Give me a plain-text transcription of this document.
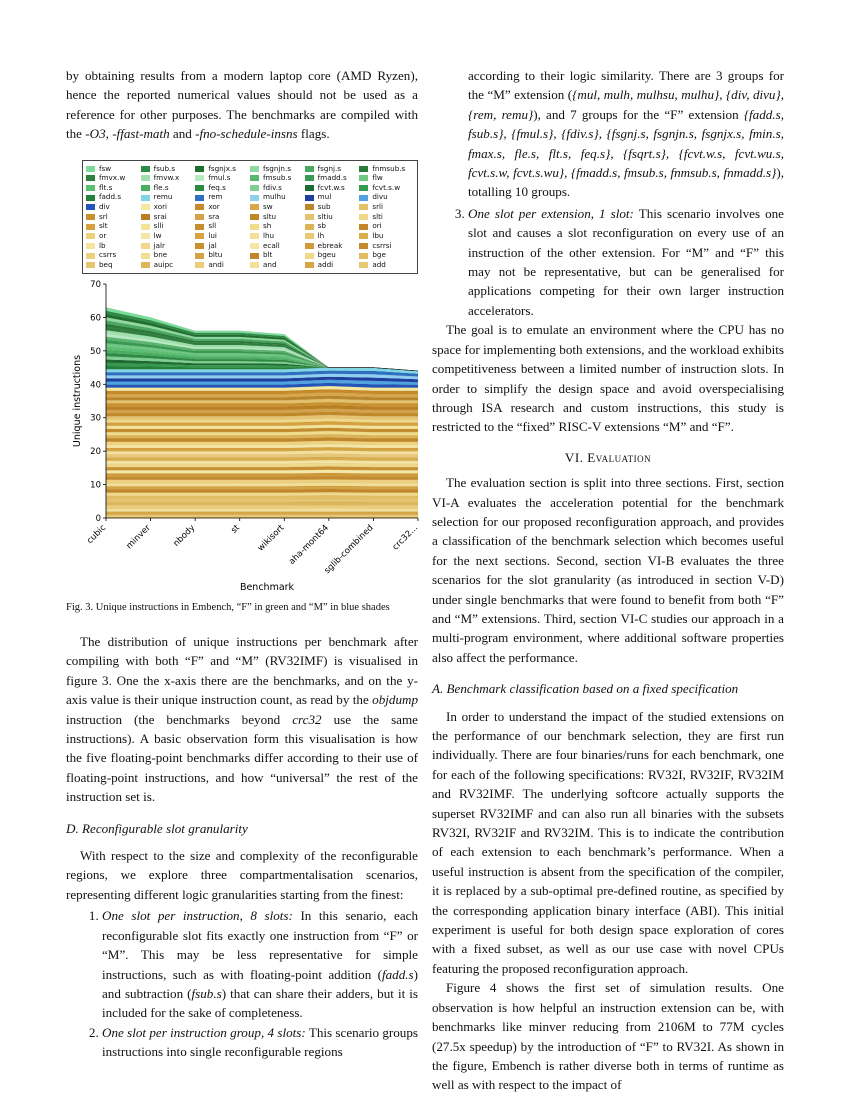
by obtaining results from a modern laptop core (AMD Ryzen), hence the reported numerical values should not be used as a reference for other purposes. The benchmarks are compiled with the -O3, -ffast-math and -fno-schedule-insns flags.

fsw	fsub.s	fsgnjx.s	fsgnjn.s	fsgnj.s	fnmsub.s
fmvx.w	fmvw.x	fmul.s	fmsub.s	fmadd.s	flw
flt.s	fle.s	feq.s	fdiv.s	fcvt.w.s	fcvt.s.w
fadd.s	remu	rem	mulhu	mul	divu
div	xori	xor	sw	sub	srli
srl	srai	sra	sltu	sltiu	slti
slt	slli	sll	sh	sb	ori
or	lw	lui	lhu	lh	lbu
lb	jalr	jal	ecall	ebreak	csrrsi
csrrs	bne	bltu	blt	bgeu	bge
beq	auipc	andi	and	addi	add
0
10
20
30
40
50
60
70
cubic minver nbody	st wikisort aha-mont64
sglib-combined crc32...
Benchmark
Unique instructions
Fig. 3. Unique instructions in Embench, “F” in green and “M” in blue shades

The distribution of unique instructions per benchmark after compiling with both “F” and “M” (RV32IMF) is visualised in figure 3. One the x-axis there are the benchmarks, and on the y-axis value is their unique instruction count, as read by the objdump instruction (the benchmarks beyond crc32 use the same instructions). A basic observation form this visualisation is how the five floating-point benchmarks differ according to their use of floating-point instructions, and how “universal” the rest of the instruction set is.

D. Reconfigurable slot granularity

With respect to the size and complexity of the reconfigurable regions, we explore three compartmentalisation scenarios, representing different logic granularities starting from the finest:

1. One slot per instruction, 8 slots: In this senario, each reconfigurable slot fits exactly one instruction from “F” or “M”. This may be less representative for simple instructions, such as with floating-point addition (fadd.s) and subtraction (fsub.s) that can share their adders, but it is included for the sake of completeness.
2. One slot per instruction group, 4 slots: This scenario groups instructions into single reconfigurable regions
according to their logic similarity. There are 3 groups for the “M” extension ({mul, mulh, mulhsu, mulhu}, {div, divu}, {rem, remu}), and 7 groups for the “F” extension {fadd.s, fsub.s}, {fmul.s}, {fdiv.s}, {fsgnj.s, fsgnjn.s, fsgnjx.s, fmin.s, fmax.s, fle.s, flt.s, feq.s}, {fsqrt.s}, {fcvt.w.s, fcvt.wu.s, fcvt.s.w, fcvt.s.wu}, {fmadd.s, fmsub.s, fnmsub.s, fnmadd.s}), totalling 10 groups.
3. One slot per extension, 1 slot: This scenario involves one slot and causes a slot reconfiguration on every use of an instruction of the other extension. For “M” and “F” this may not be representative, but can be generalised for applications competing for their own larger instruction accelerators.

The goal is to emulate an environment where the CPU has no space for implementing both extensions, and the workload exhibits competitiveness between a limited number of instruction slots. In order to simplify the design space and avoid overspecialising through ISA research and custom instructions, this study is restricted to the “fixed” RISC-V extensions “M” and “F”.

VI. Evaluation

The evaluation section is split into three sections. First, section VI-A evaluates the acceleration potential for the benchmark selection for our proposed reconfiguration approach, and provides a classification of the benchmark selection which becomes useful for the next sections. Second, section VI-B evaluates the three scenarios for the slot granularity (as introduced in section V-D) under single benchmarks that were found to benefit from both “F” and “M” extensions. Third, section VI-C studies our approach in a multi-program environment, where additional software properties also affect the performance.

A. Benchmark classification based on a fixed specification

In order to understand the impact of the studied extensions on the performance of our benchmark selection, they are first run individually. There are four binaries/runs for each benchmark, one for each of the following specifications: RV32I, RV32IF, RV32IM and RV32IMF. The underlying softcore actually supports the superset RV32IMF and can also run all binaries with the subsets RV32I, RV32IF and RV32IM. This is to indicate the contribution of each extension to each benchmark’s performance. When a useful instruction is absent from the specification of the compiler, it is replaced by a sub-optimal pre-defined routine, as specified by the corresponding application binary interface (ABI). This initial experiment is useful for both design space exploration of cores with a fixed subset, as well as our use case with novel CPUs featuring the proposed reconfiguration approach.

Figure 4 shows the first set of simulation results. One observation is how helpful an instruction extension can be, with benchmarks like minver reducing from 2106M to 77M cycles (27.5x speedup) by the introduction of “F” to RV32I. As shown in the figure, Embench is rather diverse both in terms of runtime as well as with respect to the impact of
